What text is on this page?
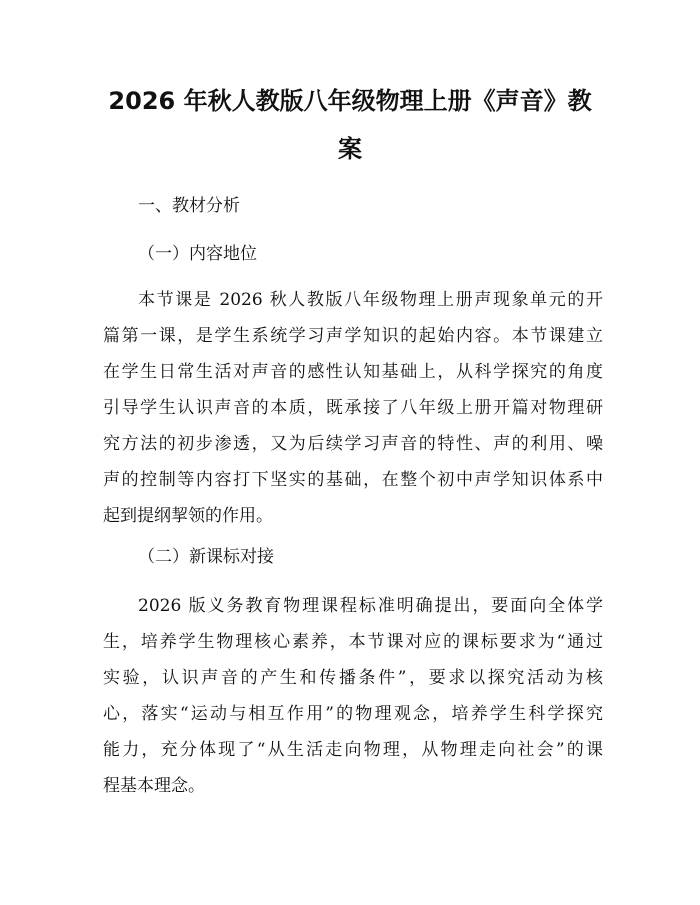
2026 年秋人教版八年级物理上册《声音》教
案

一、教材分析

（一）内容地位

本节课是 2026 秋人教版八年级物理上册声现象单元的开
篇第一课，是学生系统学习声学知识的起始内容。本节课建立
在学生日常生活对声音的感性认知基础上，从科学探究的角度
引导学生认识声音的本质，既承接了八年级上册开篇对物理研
究方法的初步渗透，又为后续学习声音的特性、声的利用、噪
声的控制等内容打下坚实的基础，在整个初中声学知识体系中
起到提纲挈领的作用。

（二）新课标对接

2026 版义务教育物理课程标准明确提出，要面向全体学
生，培养学生物理核心素养，本节课对应的课标要求为“通过
实验，认识声音的产生和传播条件”，要求以探究活动为核
心，落实“运动与相互作用”的物理观念，培养学生科学探究
能力，充分体现了“从生活走向物理，从物理走向社会”的课
程基本理念。
